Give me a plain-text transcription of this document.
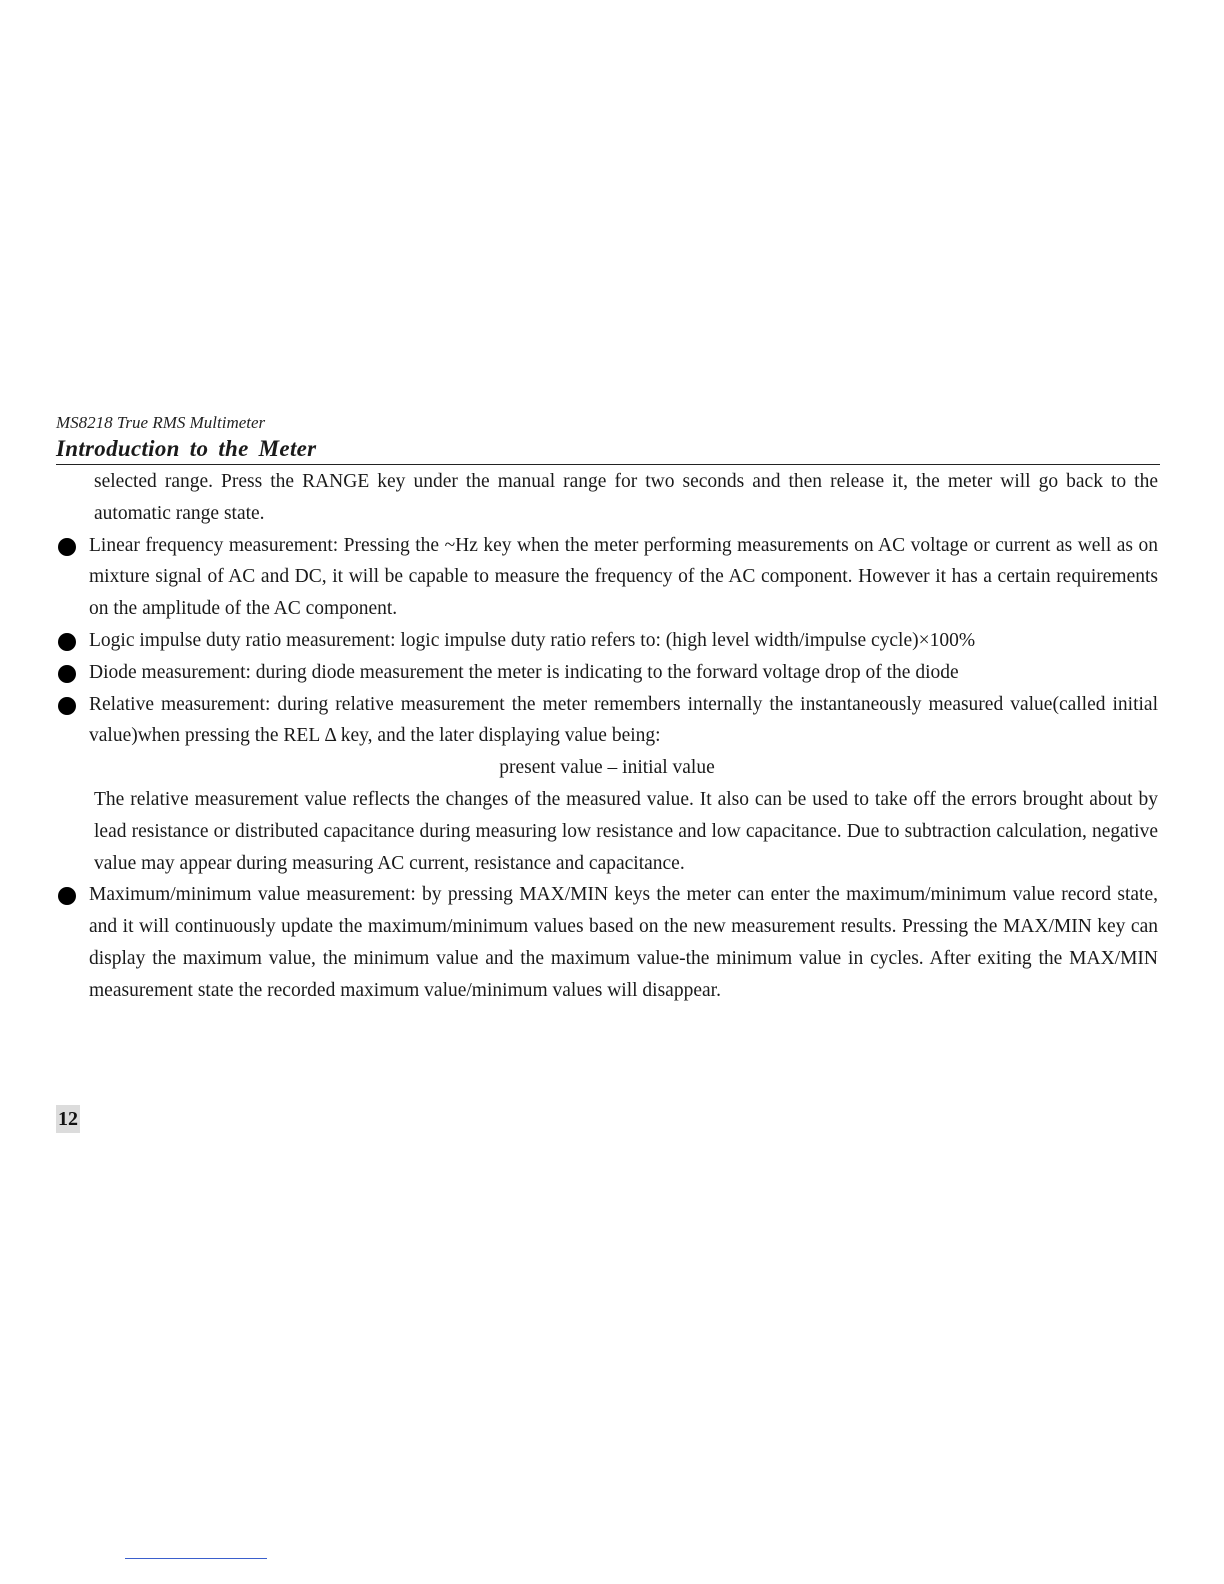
MS8218 True RMS Multimeter
Introduction to the Meter

selected range. Press the RANGE key under the manual range for two seconds and then release it, the meter will go back to the automatic range state.

Linear frequency measurement: Pressing the ~Hz key when the meter performing measurements on AC voltage or current as well as on mixture signal of AC and DC, it will be capable to measure the frequency of the AC component. However it has a certain requirements on the amplitude of the AC component.

Logic impulse duty ratio measurement: logic impulse duty ratio refers to: (high level width/impulse cycle)×100%

Diode measurement: during diode measurement the meter is indicating to the forward voltage drop of the diode

Relative measurement: during relative measurement the meter remembers internally the instantaneously measured value(called initial value)when pressing the REL Δ key, and the later displaying value being:

present value – initial value

The relative measurement value reflects the changes of the measured value. It also can be used to take off the errors brought about by lead resistance or distributed capacitance during measuring low resistance and low capacitance. Due to subtraction calculation, negative value may appear during measuring AC current, resistance and capacitance.

Maximum/minimum value measurement: by pressing MAX/MIN keys the meter can enter the maximum/minimum value record state, and it will continuously update the maximum/minimum values based on the new measurement results. Pressing the MAX/MIN key can display the maximum value, the minimum value and the maximum value-the minimum value in cycles. After exiting the MAX/MIN measurement state the recorded maximum value/minimum values will disappear.

12
